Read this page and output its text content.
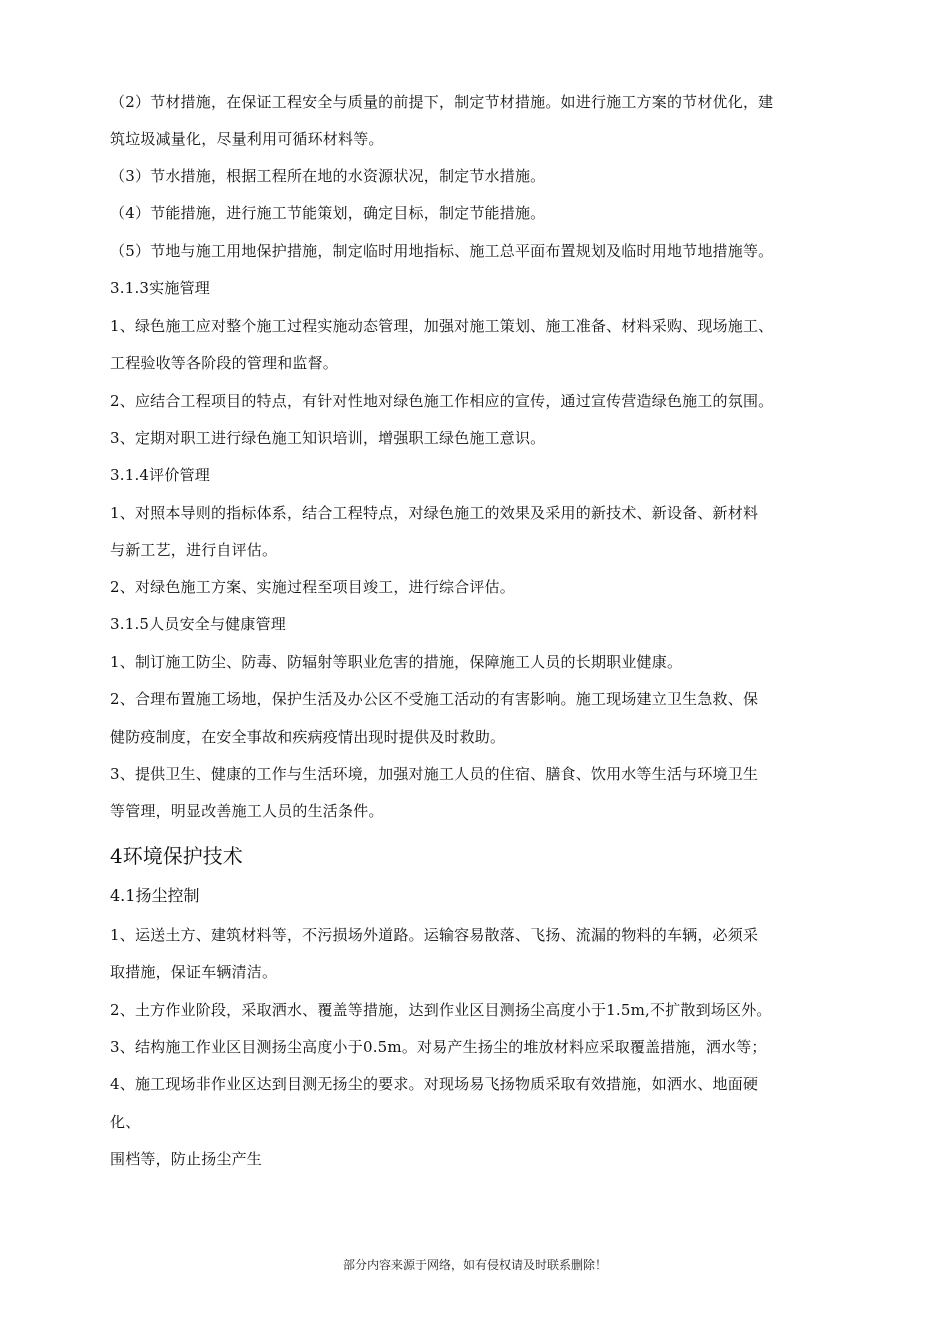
（2）节材措施，在保证工程安全与质量的前提下，制定节材措施。如进行施工方案的节材优化，建
筑垃圾减量化，尽量利用可循环材料等。
（3）节水措施，根据工程所在地的水资源状况，制定节水措施。
（4）节能措施，进行施工节能策划，确定目标，制定节能措施。
（5）节地与施工用地保护措施，制定临时用地指标、施工总平面布置规划及临时用地节地措施等。
3.1.3实施管理
1、绿色施工应对整个施工过程实施动态管理，加强对施工策划、施工准备、材料采购、现场施工、
工程验收等各阶段的管理和监督。
2、应结合工程项目的特点，有针对性地对绿色施工作相应的宣传，通过宣传营造绿色施工的氛围。
3、定期对职工进行绿色施工知识培训，增强职工绿色施工意识。
3.1.4评价管理
1、对照本导则的指标体系，结合工程特点，对绿色施工的效果及采用的新技术、新设备、新材料
与新工艺，进行自评估。
2、对绿色施工方案、实施过程至项目竣工，进行综合评估。
3.1.5人员安全与健康管理
1、制订施工防尘、防毒、防辐射等职业危害的措施，保障施工人员的长期职业健康。
2、合理布置施工场地，保护生活及办公区不受施工活动的有害影响。施工现场建立卫生急救、保
健防疫制度，在安全事故和疾病疫情出现时提供及时救助。
3、提供卫生、健康的工作与生活环境，加强对施工人员的住宿、膳食、饮用水等生活与环境卫生
等管理，明显改善施工人员的生活条件。
4环境保护技术
4.1扬尘控制
1、运送土方、建筑材料等，不污损场外道路。运输容易散落、飞扬、流漏的物料的车辆，必须采
取措施，保证车辆清洁。
2、土方作业阶段，采取洒水、覆盖等措施，达到作业区目测扬尘高度小于1.5m,不扩散到场区外。
3、结构施工作业区目测扬尘高度小于0.5m。对易产生扬尘的堆放材料应采取覆盖措施，洒水等；
4、施工现场非作业区达到目测无扬尘的要求。对现场易飞扬物质采取有效措施，如洒水、地面硬
化、
围档等，防止扬尘产生
部分内容来源于网络，如有侵权请及时联系删除！
